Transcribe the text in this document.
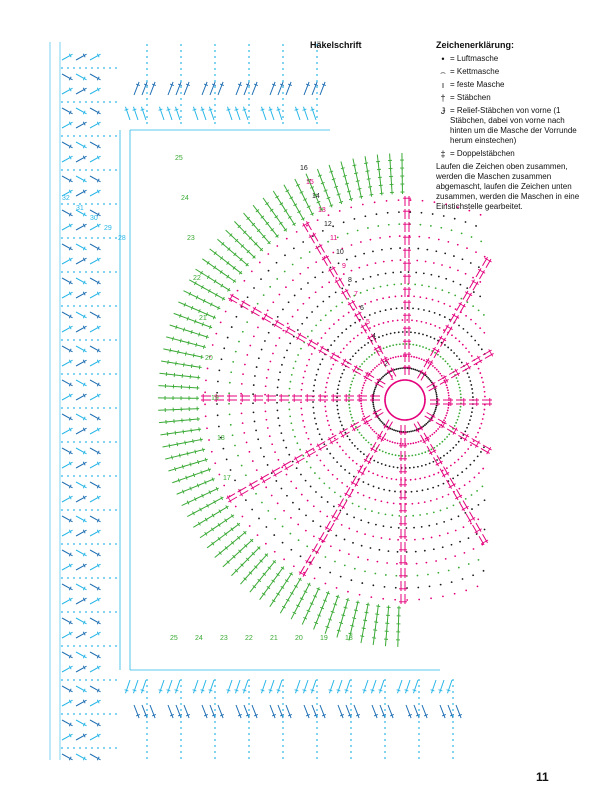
32
31
30
29
28
25
24
23
22
21
20
19
18
17
16
15
14
13
12
11
10
9
8
7
6
5
4
3
2
1
25 24 23 22 21 20 19 18
Häkelschrift	Zeichenerklärung:
• = Luftmasche
⌢ = Kettmasche
ı = feste Masche
† = Stäbchen
Ɉ = Relief-Stäbchen von vorne (1 Stäbchen, dabei von vorne nach hinten um die Masche der Vorrunde herum einstechen)
‡ = Doppelstäbchen
Laufen die Zeichen oben zusammen, werden die Maschen zusammen abgemascht, laufen die Zeichen unten zusammen, werden die Maschen in eine Einstichstelle gearbeitet.
11
